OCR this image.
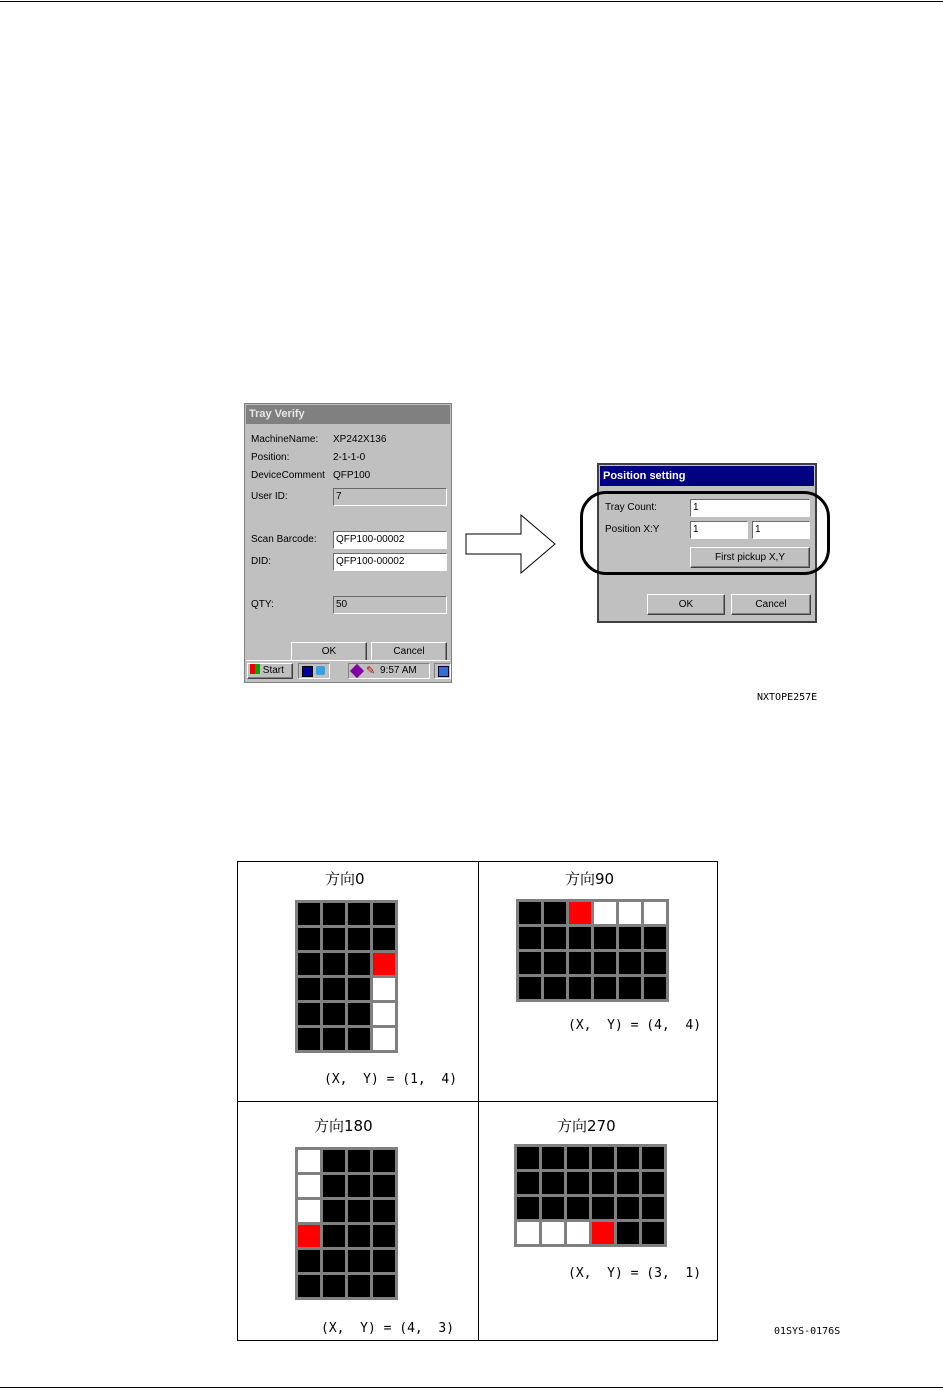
Tray Verify
MachineName: XP242X136
Position:	2-1-1-0
DeviceComment QFP100
User ID:	7
Scan Barcode:	QFP100-00002
DID:	QFP100-00002
QTY:	50
OK	Cancel
Start	✎ 9:57 AM
Position setting
Tray Count:	1
Position X:Y	1	1
First pickup X,Y
OK	Cancel
NXTOPE257E
方向0
(X,  Y) = (1,  4)
方向90
(X,  Y) = (4,  4)
方向180
(X,  Y) = (4,  3)
方向270
(X,  Y) = (3,  1)
01SYS-0176S
